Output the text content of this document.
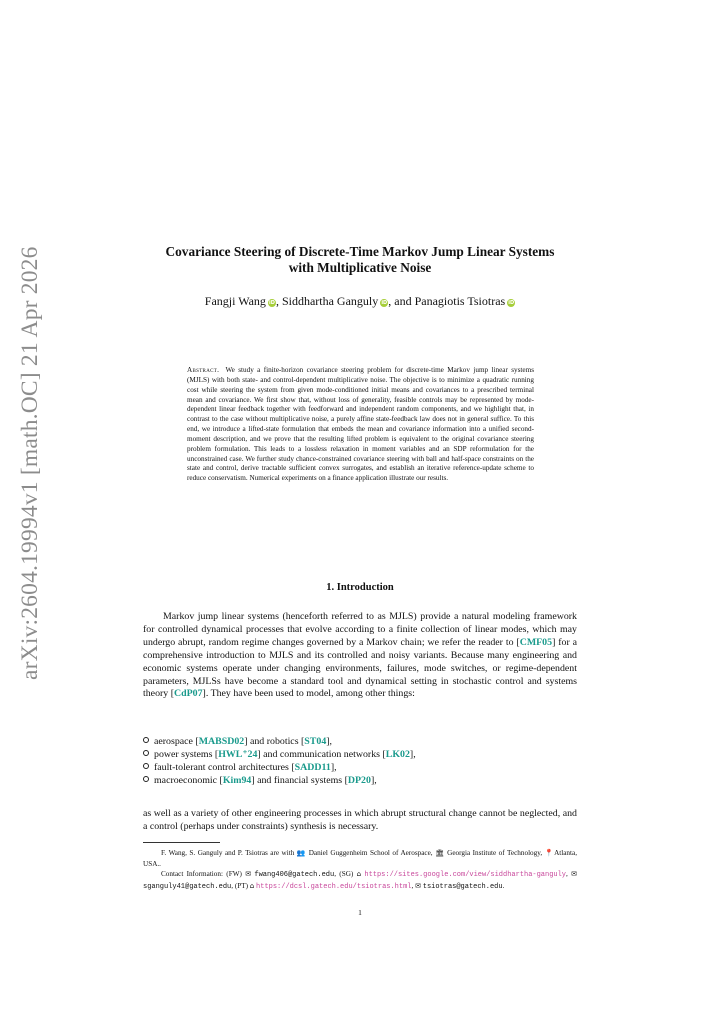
arXiv:2604.19994v1 [math.OC] 21 Apr 2026	Covariance Steering of Discrete-Time Markov Jump Linear Systems
with Multiplicative Noise
Fangji Wang iD, Siddhartha Ganguly iD, and Panagiotis Tsiotras iD
Abstract. We study a finite-horizon covariance steering problem for discrete-time Markov jump linear systems (MJLS) with both state- and control-dependent multiplicative noise. The objective is to minimize a quadratic running cost while steering the system from given mode-conditioned initial means and covariances to a prescribed terminal mean and covariance. We first show that, without loss of generality, feasible controls may be represented by mode-dependent linear feedback together with feedforward and independent random components, and we highlight that, in contrast to the case without multiplicative noise, a purely affine state-feedback law does not in general suffice. To this end, we introduce a lifted-state formulation that embeds the mean and covariance information into a unified second-moment description, and we prove that the resulting lifted problem is equivalent to the original covariance steering problem formulation. This leads to a lossless relaxation in moment variables and an SDP reformulation for the unconstrained case. We further study chance-constrained covariance steering with ball and half-space constraints on the state and control, derive tractable sufficient convex surrogates, and establish an iterative reference-update scheme to reduce conservatism. Numerical experiments on a finance application illustrate our results.
1. Introduction
Markov jump linear systems (henceforth referred to as MJLS) provide a natural modeling framework for controlled dynamical processes that evolve according to a finite collection of linear modes, which may undergo abrupt, random regime changes governed by a Markov chain; we refer the reader to [CMF05] for a comprehensive introduction to MJLS and its controlled and noisy variants. Because many engineering and economic systems operate under changing environments, failures, mode switches, or regime-dependent parameters, MJLSs have become a standard tool and dynamical setting in stochastic control and systems theory [CdP07]. They have been used to model, among other things:
aerospace [MABSD02] and robotics [ST04],
power systems [HWL⁺24] and communication networks [LK02],
fault-tolerant control architectures [SADD11],
macroeconomic [Kim94] and financial systems [DP20],
as well as a variety of other engineering processes in which abrupt structural change cannot be neglected, and a control (perhaps under constraints) synthesis is necessary.
F. Wang, S. Ganguly and P. Tsiotras are with 👥 Daniel Guggenheim School of Aerospace, 🏛 Georgia Institute of Technology, 📍Atlanta, USA..
Contact Information: (FW) ✉ fwang406@gatech.edu, (SG) ⌂ https://sites.google.com/view/siddhartha-ganguly, ✉ sganguly41@gatech.edu, (PT) ⌂ https://dcsl.gatech.edu/tsiotras.html, ✉ tsiotras@gatech.edu.
1
